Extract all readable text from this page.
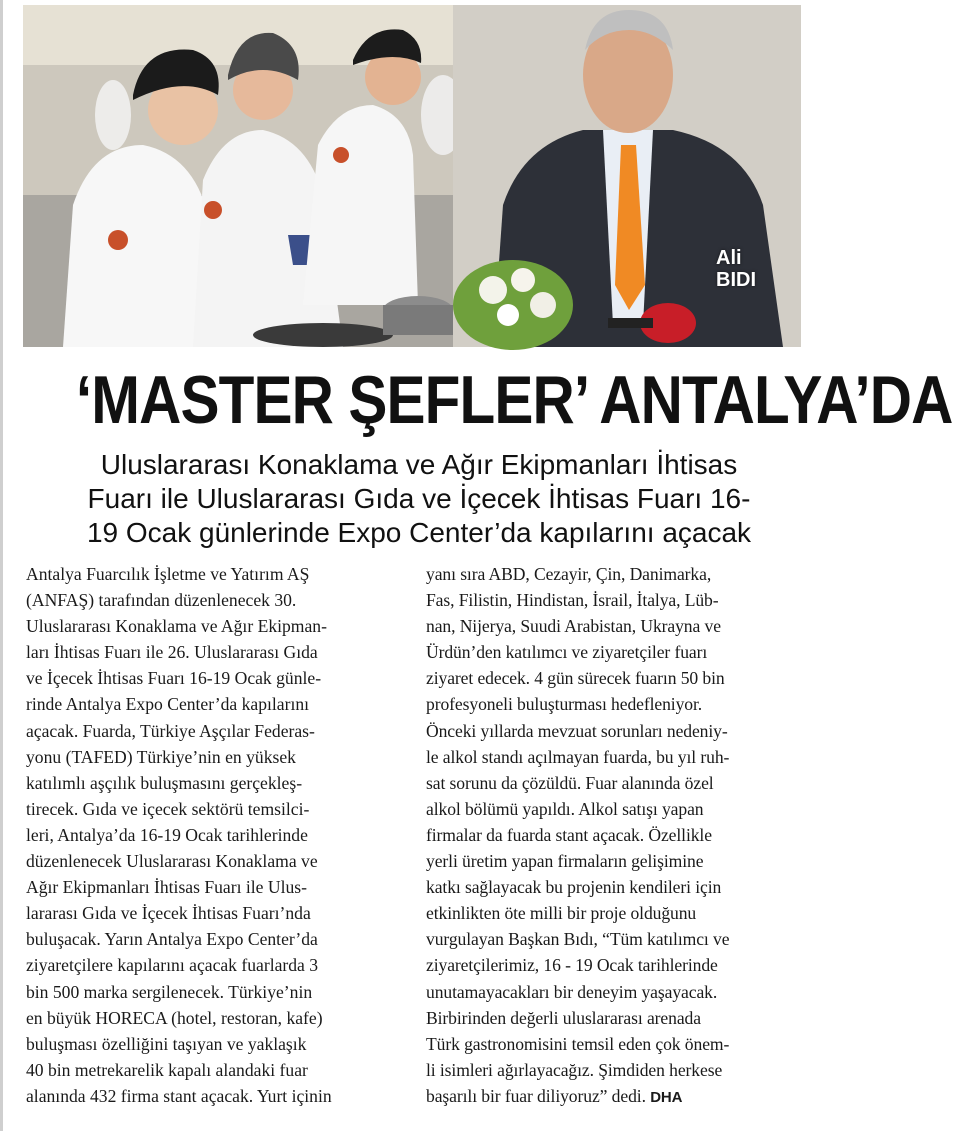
Ali
BIDI
‘MASTER ŞEFLER’ ANTALYA’DA
Uluslararası Konaklama ve Ağır Ekipmanları İhtisas
Fuarı ile Uluslararası Gıda ve İçecek İhtisas Fuarı 16-
19 Ocak günlerinde Expo Center’da kapılarını açacak
Antalya Fuarcılık İşletme ve Yatırım AŞ
(ANFAŞ) tarafından düzenlenecek 30.
Uluslararası Konaklama ve Ağır Ekipman-
ları İhtisas Fuarı ile 26. Uluslararası Gıda
ve İçecek İhtisas Fuarı 16-19 Ocak günle-
rinde Antalya Expo Center’da kapılarını
açacak. Fuarda, Türkiye Aşçılar Federas-
yonu (TAFED) Türkiye’nin en yüksek
katılımlı aşçılık buluşmasını gerçekleş-
tirecek. Gıda ve içecek sektörü temsilci-
leri, Antalya’da 16-19 Ocak tarihlerinde
düzenlenecek Uluslararası Konaklama ve
Ağır Ekipmanları İhtisas Fuarı ile Ulus-
lararası Gıda ve İçecek İhtisas Fuarı’nda
buluşacak. Yarın Antalya Expo Center’da
ziyaretçilere kapılarını açacak fuarlarda 3
bin 500 marka sergilenecek. Türkiye’nin
en büyük HORECA (hotel, restoran, kafe)
buluşması özelliğini taşıyan ve yaklaşık
40 bin metrekarelik kapalı alandaki fuar
alanında 432 firma stant açacak. Yurt içinin
yanı sıra ABD, Cezayir, Çin, Danimarka,
Fas, Filistin, Hindistan, İsrail, İtalya, Lüb-
nan, Nijerya, Suudi Arabistan, Ukrayna ve
Ürdün’den katılımcı ve ziyaretçiler fuarı
ziyaret edecek. 4 gün sürecek fuarın 50 bin
profesyoneli buluşturması hedefleniyor.
Önceki yıllarda mevzuat sorunları nedeniy-
le alkol standı açılmayan fuarda, bu yıl ruh-
sat sorunu da çözüldü. Fuar alanında özel
alkol bölümü yapıldı. Alkol satışı yapan
firmalar da fuarda stant açacak. Özellikle
yerli üretim yapan firmaların gelişimine
katkı sağlayacak bu projenin kendileri için
etkinlikten öte milli bir proje olduğunu
vurgulayan Başkan Bıdı, “Tüm katılımcı ve
ziyaretçilerimiz, 16 - 19 Ocak tarihlerinde
unutamayacakları bir deneyim yaşayacak.
Birbirinden değerli uluslararası arenada
Türk gastronomisini temsil eden çok önem-
li isimleri ağırlayacağız. Şimdiden herkese
başarılı bir fuar diliyoruz” dedi. DHA
